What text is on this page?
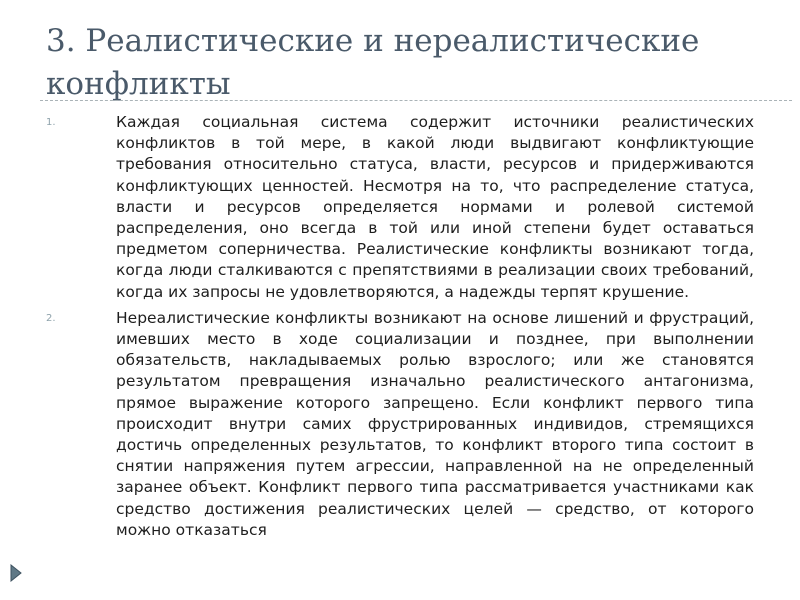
3. Реалистические и нереалистические конфликты
1.	Каждая социальная система содержит источники реалистических конфликтов в той мере, в какой люди выдвигают конфликтующие требования относительно статуса, власти, ресурсов и придерживаются конфликтующих ценностей. Несмотря на то, что распределение статуса, власти и ресурсов определяется нормами и ролевой системой распределения, оно всегда в той или иной степени будет оставаться предметом соперничества. Реалистические конфликты возникают тогда, когда люди сталкиваются с препятствиями в реализации своих требований, когда их запросы не удовлетворяются, а надежды терпят крушение.

2.	Нереалистические конфликты возникают на основе лишений и фрустраций, имевших место в ходе социализации и позднее, при выполнении обязательств, накладываемых ролью взрослого; или же становятся результатом превращения изначально реалистического антагонизма, прямое выражение которого запрещено. Если конфликт первого типа происходит внутри самих фрустрированных индивидов, стремящихся достичь определенных результатов, то конфликт второго типа состоит в снятии напряжения путем агрессии, направленной на не определенный заранее объект. Конфликт первого типа рассматривается участниками как средство достижения реалистических целей — средство, от которого можно отказаться
